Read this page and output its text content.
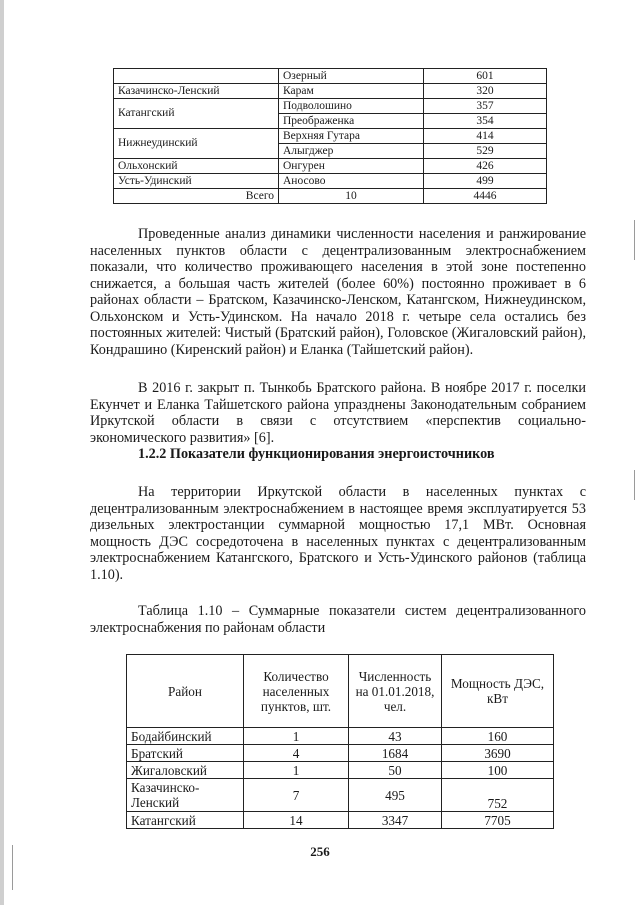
	Озерный	601
Казачинско-Ленский	Карам	320
Катангский	Подволошино	357
	Преображенка	354
Нижнеудинский	Верхняя Гутара	414
	Алыгджер	529
Ольхонский	Онгурен	426
Усть-Удинский	Аносово	499
Всего	10	4446

Проведенные анализ динамики численности населения и ранжирование населенных пунктов области с децентрализованным электроснабжением показали, что количество проживающего населения в этой зоне постепенно снижается, а большая часть жителей (более 60%) постоянно проживает в 6 районах области – Братском, Казачинско-Ленском, Катангском, Нижнеудинском, Ольхонском и Усть-Удинском. На начало 2018 г. четыре села остались без постоянных жителей: Чистый (Братский район), Головское (Жигаловский район), Кондрашино (Киренский район) и Еланка (Тайшетский район).

В 2016 г. закрыт п. Тынкобь Братского района. В ноябре 2017 г. поселки Екунчет и Еланка Тайшетского района упразднены Законодательным собранием Иркутской области в связи с отсутствием «перспектив социально-экономического развития» [6].

1.2.2 Показатели функционирования энергоисточников

На территории Иркутской области в населенных пунктах с децентрализованным электроснабжением в настоящее время эксплуатируется 53 дизельных электростанции суммарной мощностью 17,1 МВт. Основная мощность ДЭС сосредоточена в населенных пунктах с децентрализованным электроснабжением Катангского, Братского и Усть-Удинского районов (таблица 1.10).

Таблица 1.10 – Суммарные показатели систем децентрализованного электроснабжения по районам области

Район	Количество населенных пунктов, шт.	Численность на 01.01.2018, чел.	Мощность ДЭС, кВт
Бодайбинский	1	43	160
Братский	4	1684	3690
Жигаловский	1	50	100
Казачинско-Ленский	7	495	752
Катангский	14	3347	7705
256
